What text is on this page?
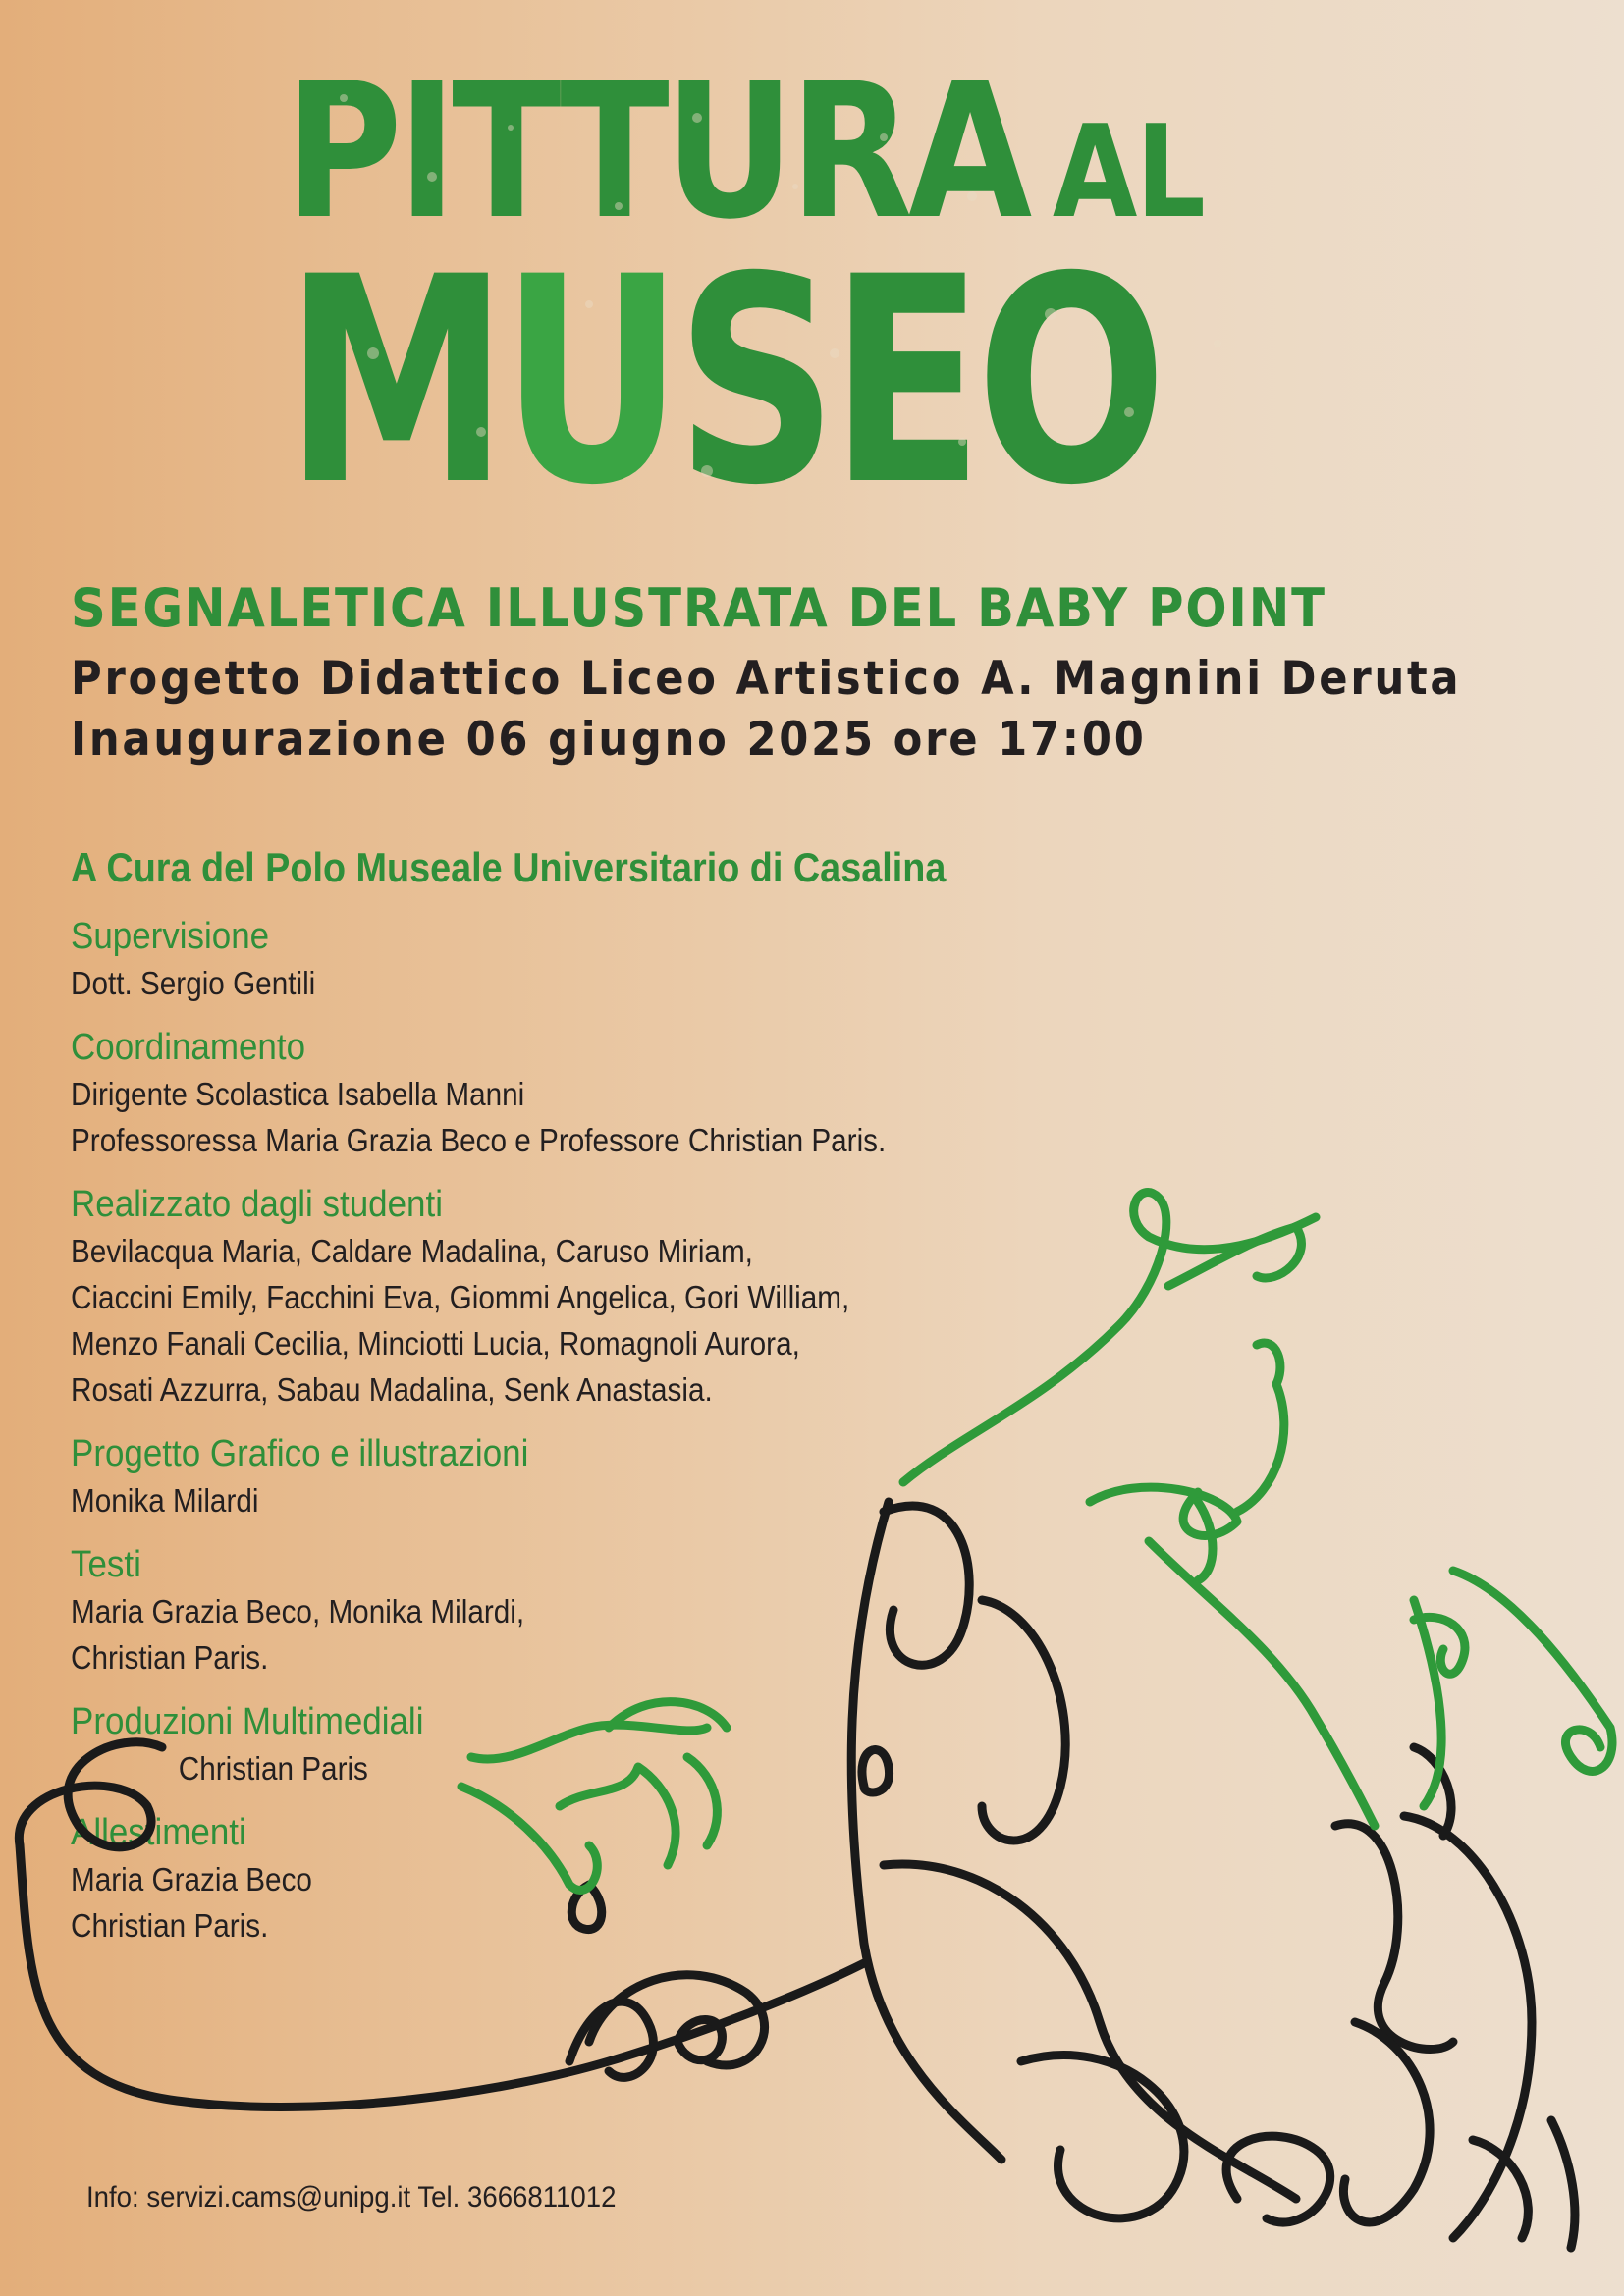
PITTURA AL
MUSEO
SEGNALETICA ILLUSTRATA DEL BABY POINT
Progetto Didattico Liceo Artistico A. Magnini Deruta
Inaugurazione 06 giugno 2025 ore 17:00
A Cura del Polo Museale Universitario di Casalina
Supervisione
Dott. Sergio Gentili
Coordinamento
Dirigente Scolastica Isabella Manni
Professoressa Maria Grazia Beco e Professore Christian Paris.
Realizzato dagli studenti
Bevilacqua Maria, Caldare Madalina, Caruso Miriam,
Ciaccini Emily, Facchini Eva, Giommi Angelica, Gori William,
Menzo Fanali Cecilia, Minciotti Lucia, Romagnoli Aurora,
Rosati Azzurra, Sabau Madalina, Senk Anastasia.
Progetto Grafico e illustrazioni
Monika Milardi
Testi
Maria Grazia Beco, Monika Milardi,
Christian Paris.
Produzioni Multimediali
Christian Paris
Allestimenti
Maria Grazia Beco
Christian Paris.
Info: servizi.cams@unipg.it Tel. 3666811012
